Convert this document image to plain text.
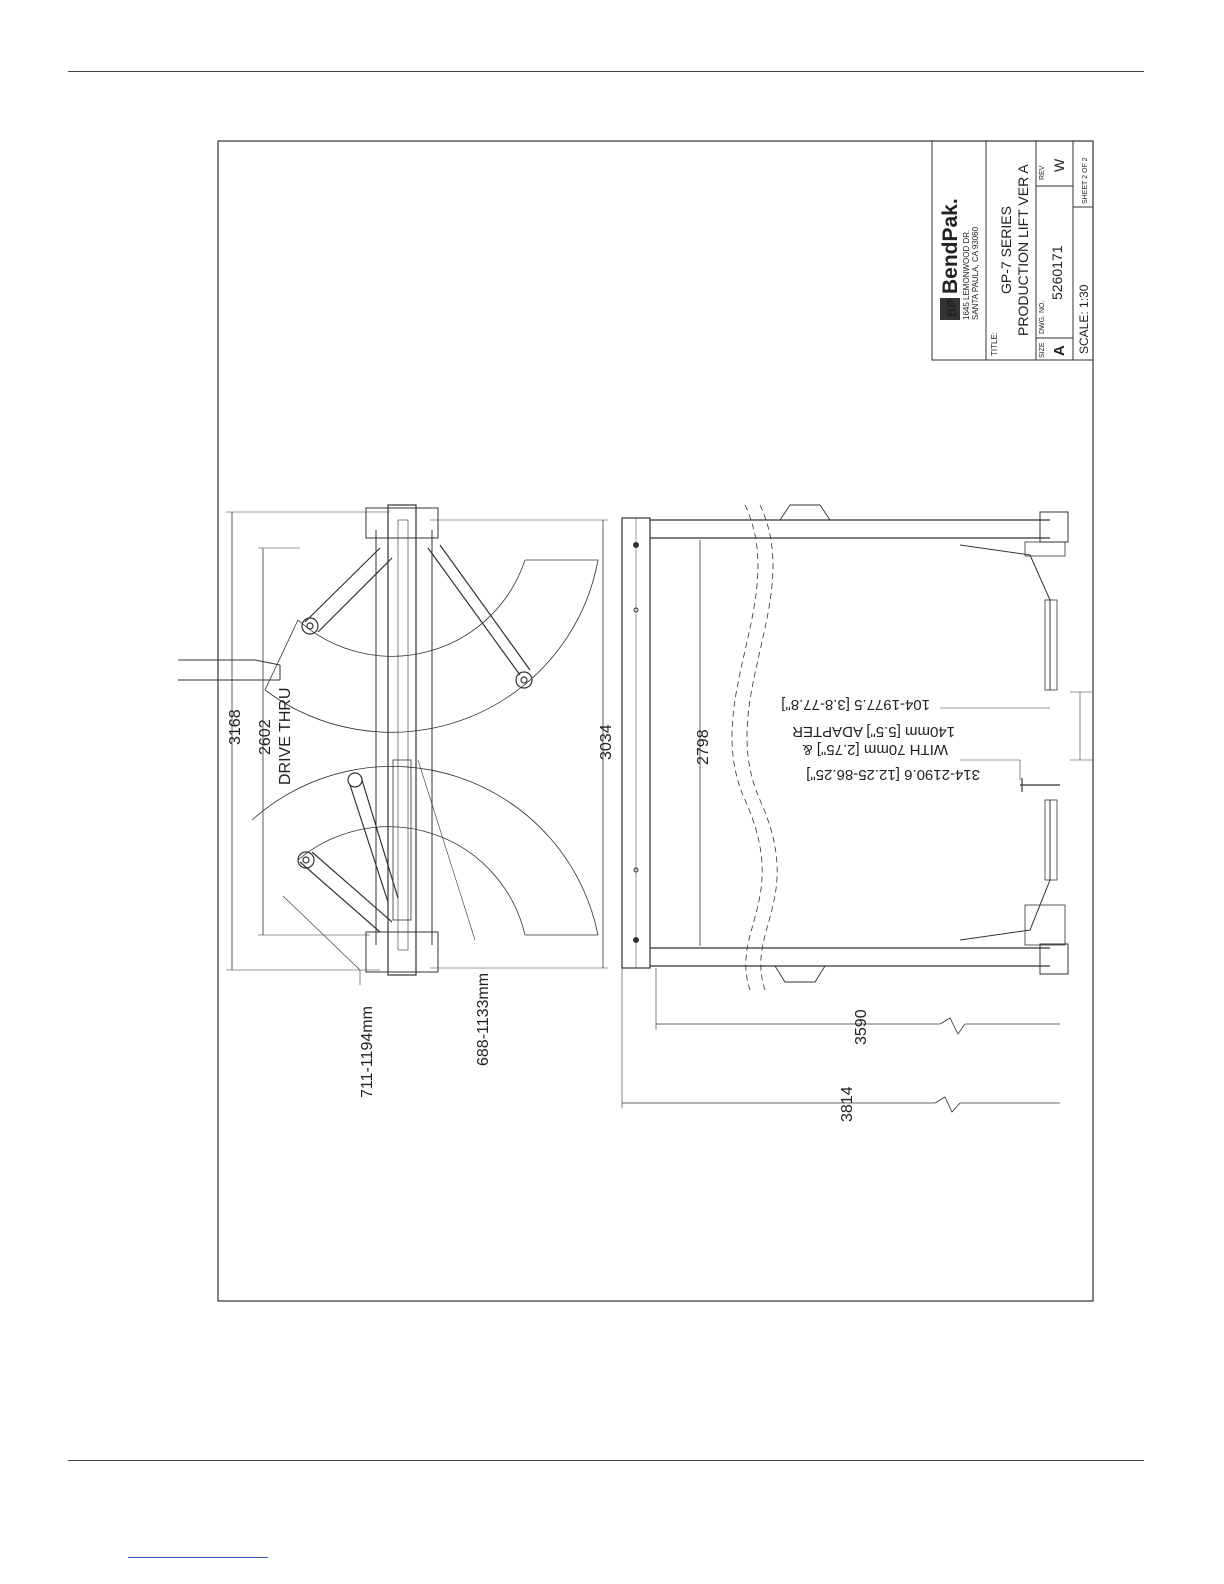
BP
BendPak. 1645 LEMONWOOD DR. SANTA PAULA, CA 93060
TITLE:
GP-7 SERIES PRODUCTION LIFT VER A
SIZE A
DWG. NO.
5260171
REV
W
SCALE: 1:30
SHEET 2 OF 2
3168 2602 DRIVE THRU	3034
711-1194mm	688-1133mm
2798
3590
3814
104-1977.5 [3.8-77.8"]
314-2190.6 [12.25-86.25"]
WITH 70mm [2.75"] &
140mm [5.5"] ADAPTER
